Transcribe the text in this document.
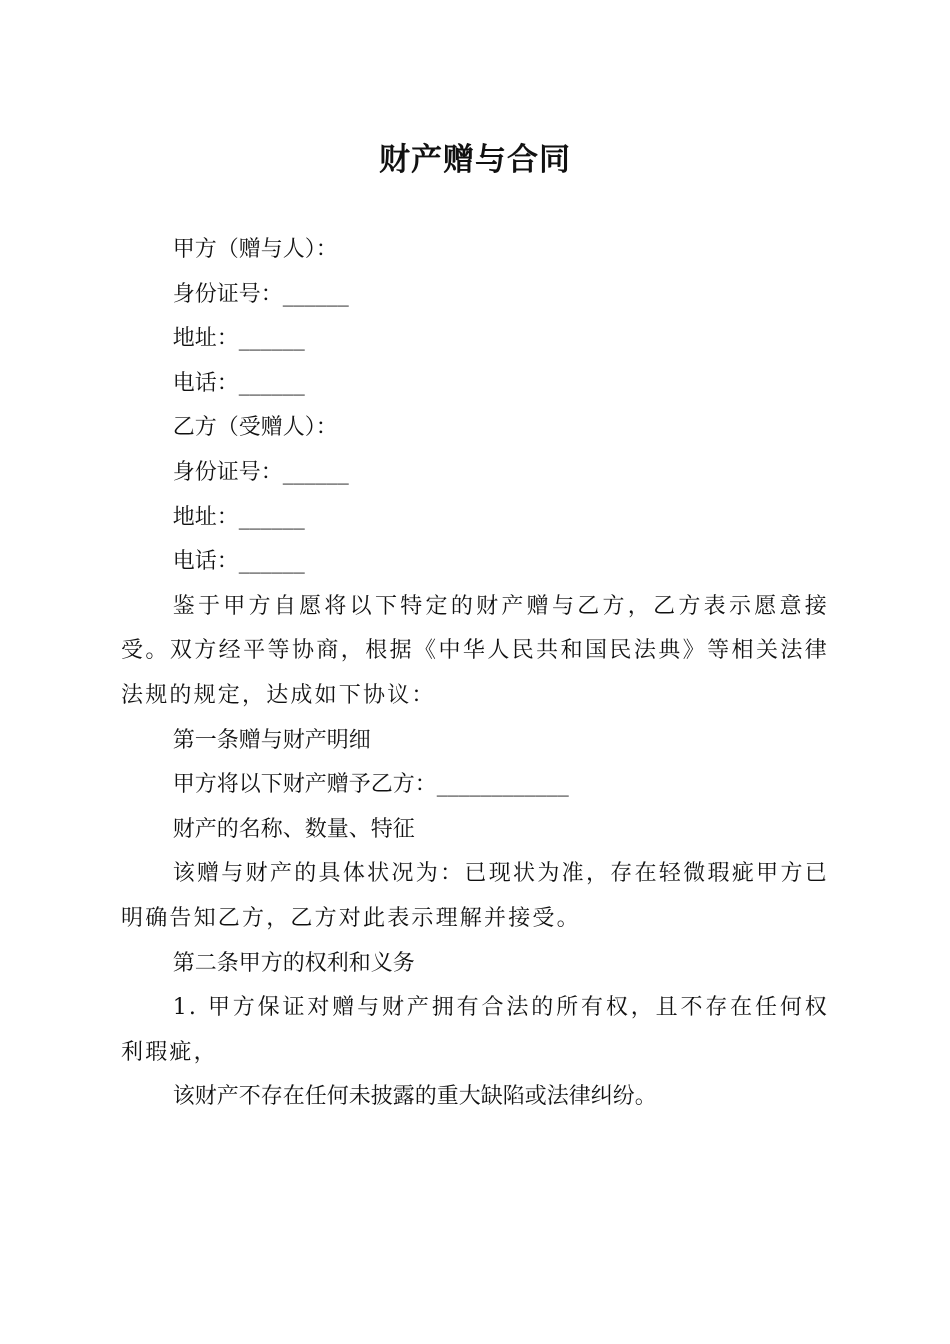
财产赠与合同

甲方（赠与人）：

身份证号：______

地址：______

电话：______

乙方（受赠人）：

身份证号：______

地址：______

电话：______

鉴于甲方自愿将以下特定的财产赠与乙方，乙方表示愿意接受。双方经平等协商，根据《中华人民共和国民法典》等相关法律法规的规定，达成如下协议：

第一条赠与财产明细

甲方将以下财产赠予乙方：____________

财产的名称、数量、特征

该赠与财产的具体状况为：已现状为准，存在轻微瑕疵甲方已明确告知乙方，乙方对此表示理解并接受。

第二条甲方的权利和义务

1. 甲方保证对赠与财产拥有合法的所有权，且不存在任何权利瑕疵，

该财产不存在任何未披露的重大缺陷或法律纠纷。
